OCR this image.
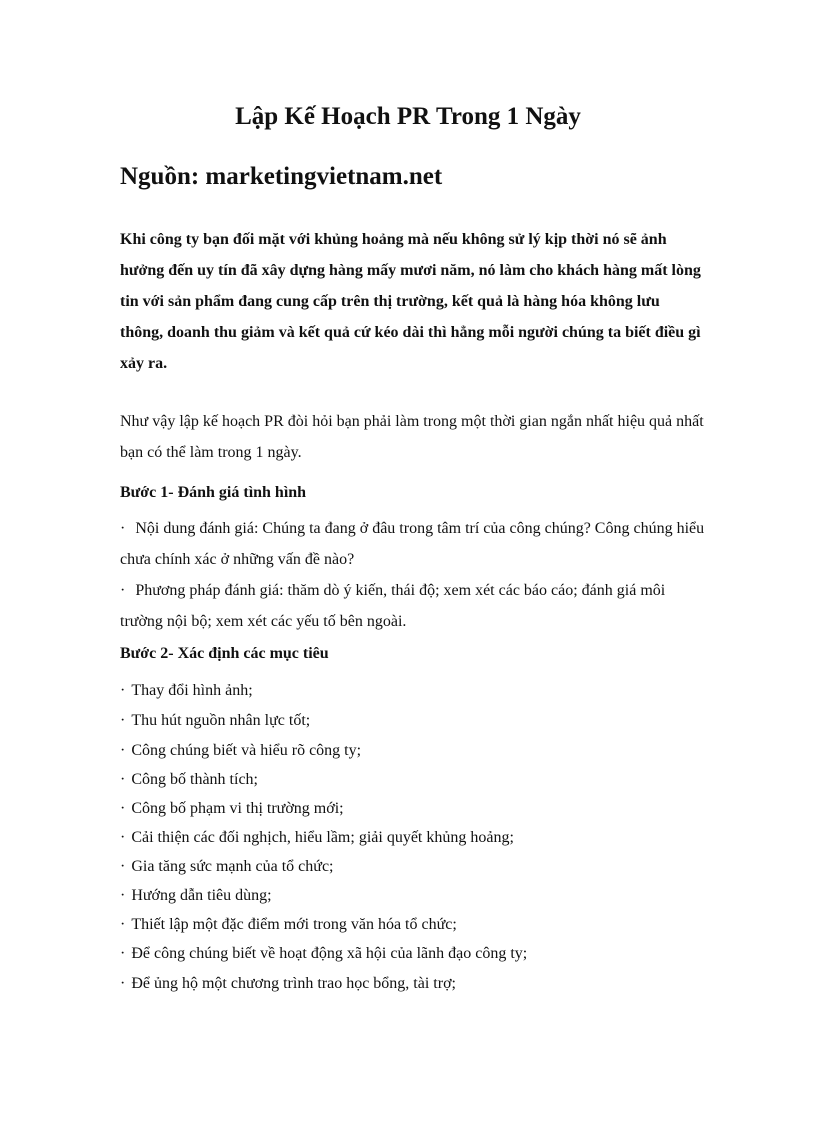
Lập Kế Hoạch PR Trong 1 Ngày
Nguồn: marketingvietnam.net

Khi công ty bạn đối mặt với khủng hoảng mà nếu không sử lý kịp thời nó sẽ ảnh hưởng đến uy tín đã xây dựng hàng mấy mươi năm, nó làm cho khách hàng mất lòng tin với sản phẩm đang cung cấp trên thị trường, kết quả là hàng hóa không lưu thông, doanh thu giảm và kết quả cứ kéo dài thì hẳng mỗi người chúng ta biết điều gì xảy ra.

Như vậy lập kế hoạch PR đòi hỏi bạn phải làm trong một thời gian ngắn nhất hiệu quả nhất bạn có thể làm trong 1 ngày.

Bước 1- Đánh giá tình hình

· Nội dung đánh giá: Chúng ta đang ở đâu trong tâm trí của công chúng? Công chúng hiểu chưa chính xác ở những vấn đề nào?

· Phương pháp đánh giá: thăm dò ý kiến, thái độ; xem xét các báo cáo; đánh giá môi trường nội bộ; xem xét các yếu tố bên ngoài.

Bước 2- Xác định các mục tiêu

· Thay đổi hình ảnh;

· Thu hút nguồn nhân lực tốt;

· Công chúng biết và hiểu rõ công ty;

· Công bố thành tích;

· Công bố phạm vi thị trường mới;

· Cải thiện các đối nghịch, hiểu lầm; giải quyết khủng hoảng;

· Gia tăng sức mạnh của tổ chức;

· Hướng dẫn tiêu dùng;

· Thiết lập một đặc điểm mới trong văn hóa tổ chức;

· Để công chúng biết về hoạt động xã hội của lãnh đạo công ty;

· Để ủng hộ một chương trình trao học bổng, tài trợ;
